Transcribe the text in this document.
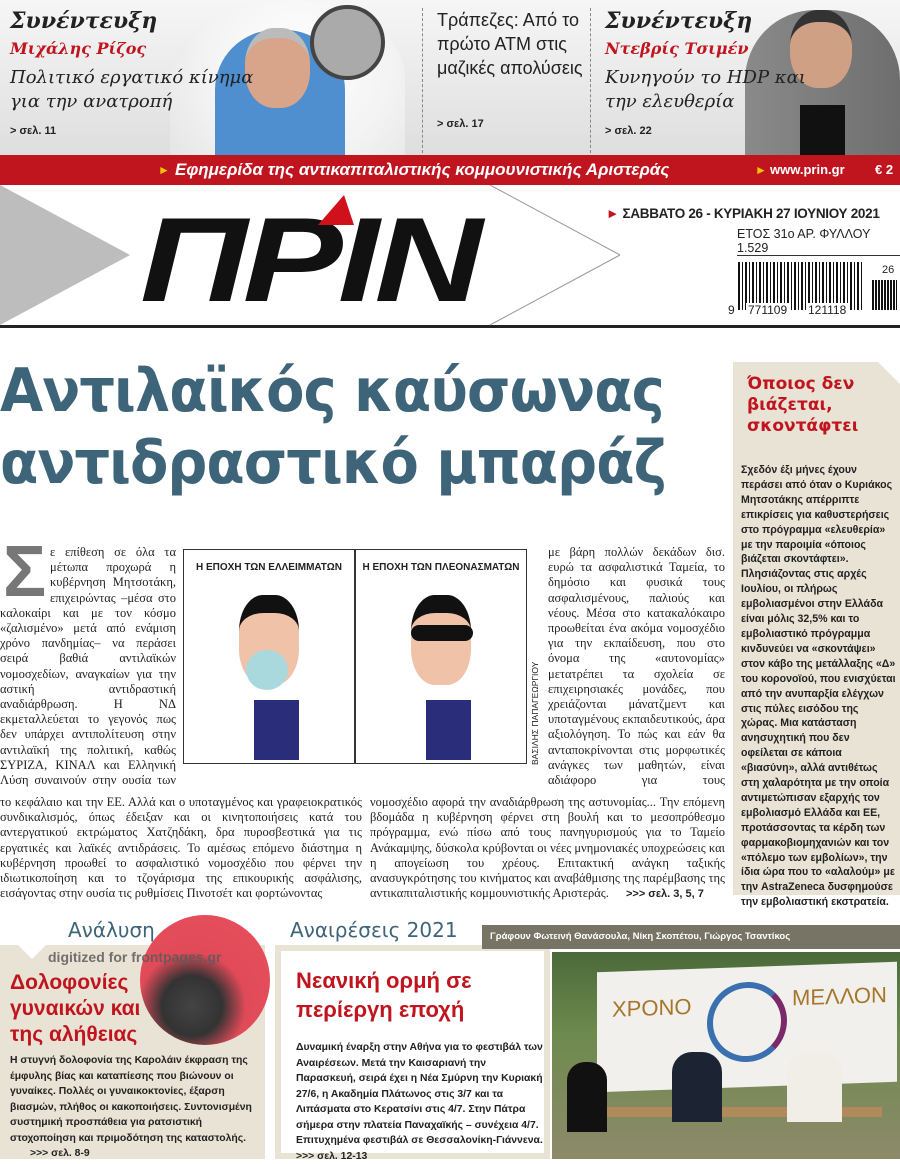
Συνέντευξη
Μιχάλης Ρίζος
Πολιτικό εργατικό κίνημα για την ανατροπή
> σελ. 11
Τράπεζες: Από το πρώτο ΑΤΜ στις μαζικές απολύσεις
> σελ. 17
Συνέντευξη
Ντεβρίς Τσιμέν
Κυνηγούν το HDP και την ελευθερία
> σελ. 22
► Εφημερίδα της αντικαπιταλιστικής κομμουνιστικής Αριστεράς	► www.prin.gr € 2
ΠΡΙΝ	► ΣΑΒΒΑΤΟ 26 - ΚΥΡΙΑΚΗ 27 ΙΟΥΝΙΟΥ 2021
ΕΤΟΣ 31ο ΑΡ. ΦΥΛΛΟΥ 1.529
9 771109 121118
26
Αντιλαϊκός καύσωνας αντιδραστικό μπαράζ
Σ ε επίθεση σε όλα τα μέτωπα προχωρά η κυβέρνηση Μητσοτάκη, επιχειρώντας –μέσα στο καλοκαίρι και με τον κόσμο «ζαλισμένο» μετά από ενάμιση χρόνο πανδημίας– να περάσει σειρά βαθιά αντιλαϊκών νομοσχεδίων, αναγκαίων για την αστική αντιδραστική αναδιάρθρωση. Η ΝΔ εκμεταλλεύεται το γεγονός πως δεν υπάρχει αντιπολίτευση στην αντιλαϊκή της πολιτική, καθώς ΣΥΡΙΖΑ, ΚΙΝΑΛ και Ελληνική Λύση συναινούν στην ουσία των
το κεφάλαιο και την ΕΕ. Αλλά και ο υποταγμένος και γραφειοκρατικός συνδικαλισμός, όπως έδειξαν και οι κινητοποιήσεις κατά του αντεργατικού εκτρώματος Χατζηδάκη, δρα πυροσβεστικά για τις εργατικές και λαϊκές αντιδράσεις. Το αμέσως επόμενο διάστημα η κυβέρνηση προωθεί το ασφαλιστικό νομοσχέδιο που φέρνει την ιδιωτικοποίηση και το τζογάρισμα της επικουρικής ασφάλισης, εισάγοντας στην ουσία τις ρυθμίσεις Πινοτσέτ και φορτώνοντας
Η ΕΠΟΧΗ ΤΩΝ ΕΛΛΕΙΜΜΑΤΩΝ	Η ΕΠΟΧΗ ΤΩΝ ΠΛΕΟΝΑΣΜΑΤΩΝ
ΒΑΣΙΛΗΣ ΠΑΠΑΓΕΩΡΓΙΟΥ
με βάρη πολλών δεκάδων δισ. ευρώ τα ασφαλιστικά Ταμεία, το δημόσιο και φυσικά τους ασφαλισμένους, παλιούς και νέους. Μέσα στο κατακαλόκαιρο προωθείται ένα ακόμα νομοσχέδιο για την εκπαίδευση, που στο όνομα της «αυτονομίας» μετατρέπει τα σχολεία σε επιχειρησιακές μονάδες, που χρειάζονται μάνατζμεντ και υποταγμένους εκπαιδευτικούς, άρα αξιολόγηση. Το πώς και εάν θα ανταποκρίνονται στις μορφωτικές ανάγκες των μαθητών, είναι αδιάφορο για τους
νομοσχέδιο αφορά την αναδιάρθρωση της αστυνομίας... Την επόμενη βδομάδα η κυβέρνηση φέρνει στη βουλή και το μεσοπρόθεσμο πρόγραμμα, ενώ πίσω από τους πανηγυρισμούς για το Ταμείο Ανάκαμψης, δύσκολα κρύβονται οι νέες μνημονιακές υποχρεώσεις και η απογείωση του χρέους. Επιτακτική ανάγκη ταξικής ανασυγκρότησης του κινήματος και αναβάθμισης της παρέμβασης της αντικαπιταλιστικής κομμουνιστικής Αριστεράς. >>> σελ. 3, 5, 7
Όποιος δεν βιάζεται, σκοντάφτει

Σχεδόν έξι μήνες έχουν περάσει από όταν ο Κυριάκος Μητσοτάκης απέρριπτε επικρίσεις για καθυστερήσεις στο πρόγραμμα «ελευθερία» με την παροιμία «όποιος βιάζεται σκοντάφτει». Πλησιάζοντας στις αρχές Ιουλίου, οι πλήρως εμβολιασμένοι στην Ελλάδα είναι μόλις 32,5% και το εμβολιαστικό πρόγραμμα κινδυνεύει να «σκοντάψει» στον κάβο της μετάλλαξης «Δ» του κορονοϊού, που ενισχύεται από την ανυπαρξία ελέγχων στις πύλες εισόδου της χώρας. Μια κατάσταση ανησυχητική που δεν οφείλεται σε κάποια «βιασύνη», αλλά αντιθέτως στη χαλαρότητα με την οποία αντιμετώπισαν εξαρχής τον εμβολιασμό Ελλάδα και ΕΕ, προτάσσοντας τα κέρδη των φαρμακοβιομηχανιών και τον «πόλεμο των εμβολίων», την ίδια ώρα που το «αλαλούμ» με την AstraZeneca δυσφημούσε την εμβολιαστική εκστρατεία.

Ανάλυση
digitized for frontpages.gr
Δολοφονίες γυναικών και της αλήθειας
Η στυγνή δολοφονία της Καρολάιν έκφραση της έμφυλης βίας και καταπίεσης που βιώνουν οι γυναίκες. Πολλές οι γυναικοκτονίες, έξαρση βιασμών, πλήθος οι κακοποιήσεις. Συντονισμένη συστημική προσπάθεια για ρατσιστική στοχοποίηση και πριμοδότηση της καταστολής. >>> σελ. 8-9
Αναιρέσεις 2021
Νεανική ορμή σε περίεργη εποχή
Δυναμική έναρξη στην Αθήνα για το φεστιβάλ των Αναιρέσεων. Μετά την Καισαριανή την Παρασκευή, σειρά έχει η Νέα Σμύρνη την Κυριακή 27/6, η Ακαδημία Πλάτωνος στις 3/7 και τα Λιπάσματα στο Κερατσίνι στις 4/7. Στην Πάτρα σήμερα στην πλατεία Παναχαϊκής – συνέχεια 4/7. Επιτυχημένα φεστιβάλ σε Θεσσαλονίκη-Γιάννενα. >>> σελ. 12-13
Γράφουν Φωτεινή Θανάσουλα, Νίκη Σκοπέτου, Γιώργος Τσαντίκος
ΧΡΟΝΟ	ΜΕΛΛΟΝ
